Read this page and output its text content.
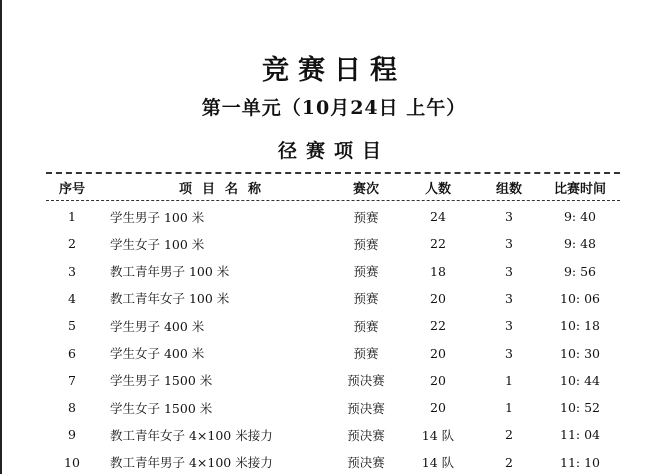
竞赛日程
第一单元（10月24日 上午）
径赛项目
序号	项目名称	赛次	人数	组数	比赛时间
1	学生男子 100 米	预赛	24	3	9: 40
2	学生女子 100 米	预赛	22	3	9: 48
3	教工青年男子 100 米	预赛	18	3	9: 56
4	教工青年女子 100 米	预赛	20	3	10: 06
5	学生男子 400 米	预赛	22	3	10: 18
6	学生女子 400 米	预赛	20	3	10: 30
7	学生男子 1500 米	预决赛	20	1	10: 44
8	学生女子 1500 米	预决赛	20	1	10: 52
9	教工青年女子 4×100 米接力	预决赛	14 队	2	11: 04
10	教工青年男子 4×100 米接力	预决赛	14 队	2	11: 10
